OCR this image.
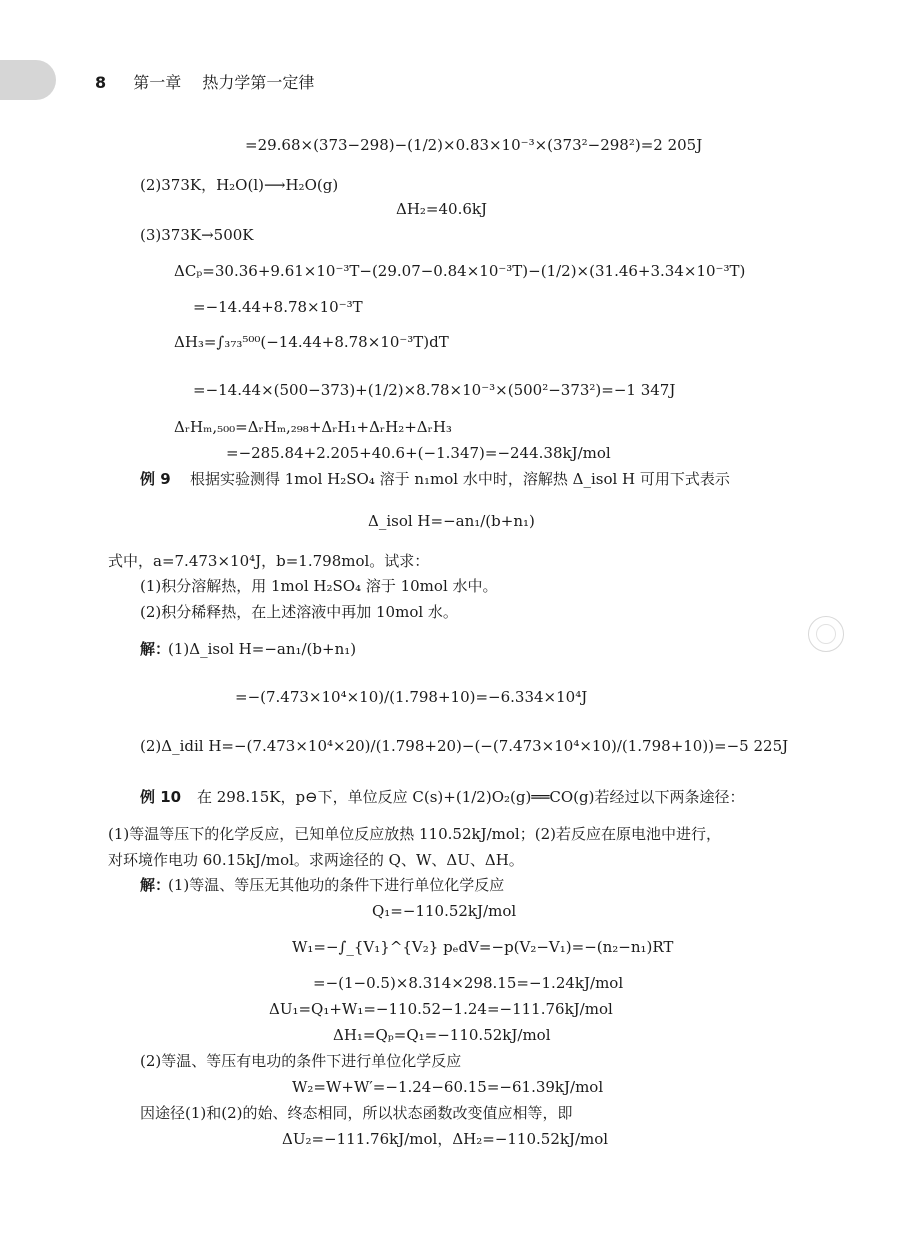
8 第一章 热力学第一定律
=29.68×(373−298)−(1/2)×0.83×10⁻³×(373²−298²)=2 205J
(2)373K，H₂O(l)⟶H₂O(g)
ΔH₂=40.6kJ
(3)373K→500K
ΔCₚ=30.36+9.61×10⁻³T−(29.07−0.84×10⁻³T)−(1/2)×(31.46+3.34×10⁻³T)
=−14.44+8.78×10⁻³T
ΔH₃=∫₃₇₃⁵⁰⁰(−14.44+8.78×10⁻³T)dT
=−14.44×(500−373)+(1/2)×8.78×10⁻³×(500²−373²)=−1 347J
ΔᵣHₘ,₅₀₀=ΔᵣHₘ,₂₉₈+ΔᵣH₁+ΔᵣH₂+ΔᵣH₃
=−285.84+2.205+40.6+(−1.347)=−244.38kJ/mol
例 9 根据实验测得 1mol H₂SO₄ 溶于 n₁mol 水中时，溶解热 Δ_isol H 可用下式表示
Δ_isol H=−an₁/(b+n₁)
式中，a=7.473×10⁴J，b=1.798mol。试求：
(1)积分溶解热，用 1mol H₂SO₄ 溶于 10mol 水中。
(2)积分稀释热，在上述溶液中再加 10mol 水。
解：
(1)Δ_isol H=−an₁/(b+n₁)
=−(7.473×10⁴×10)/(1.798+10)=−6.334×10⁴J
(2)Δ_idil H=−(7.473×10⁴×20)/(1.798+20)−(−(7.473×10⁴×10)/(1.798+10))=−5 225J
例 10 在 298.15K，p⊖下，单位反应 C(s)+(1/2)O₂(g)══CO(g)若经过以下两条途径：
(1)等温等压下的化学反应，已知单位反应放热 110.52kJ/mol；(2)若反应在原电池中进行，
对环境作电功 60.15kJ/mol。求两途径的 Q、W、ΔU、ΔH。
解：
(1)等温、等压无其他功的条件下进行单位化学反应
Q₁=−110.52kJ/mol
W₁=−∫_{V₁}^{V₂} pₑdV=−p(V₂−V₁)=−(n₂−n₁)RT
=−(1−0.5)×8.314×298.15=−1.24kJ/mol
ΔU₁=Q₁+W₁=−110.52−1.24=−111.76kJ/mol
ΔH₁=Qₚ=Q₁=−110.52kJ/mol
(2)等温、等压有电功的条件下进行单位化学反应
W₂=W+W′=−1.24−60.15=−61.39kJ/mol
因途径(1)和(2)的始、终态相同，所以状态函数改变值应相等，即
ΔU₂=−111.76kJ/mol，ΔH₂=−110.52kJ/mol
